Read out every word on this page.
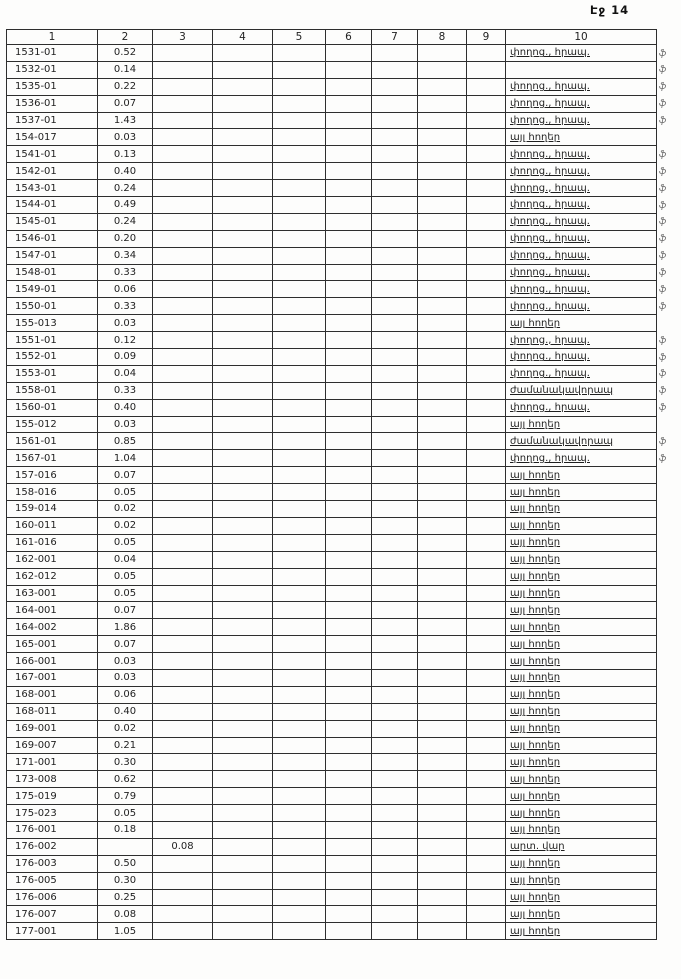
Էջ 14
1	2	3	4	5	6	7	8	9	10
1531-01	0.52								փողոց., հրապ.
1532-01	0.14								
1535-01	0.22								փողոց., հրապ.
1536-01	0.07								փողոց., հրապ.
1537-01	1.43								փողոց., հրապ.
154-017	0.03								այլ հողեր
1541-01	0.13								փողոց., հրապ.
1542-01	0.40								փողոց., հրապ.
1543-01	0.24								փողոց., հրապ.
1544-01	0.49								փողոց., հրապ.
1545-01	0.24								փողոց., հրապ.
1546-01	0.20								փողոց., հրապ.
1547-01	0.34								փողոց., հրապ.
1548-01	0.33								փողոց., հրապ.
1549-01	0.06								փողոց., հրապ.
1550-01	0.33								փողոց., հրապ.
155-013	0.03								այլ հողեր
1551-01	0.12								փողոց., հրապ.
1552-01	0.09								փողոց., հրապ.
1553-01	0.04								փողոց., հրապ.
1558-01	0.33								ժամանակավորապ
1560-01	0.40								փողոց., հրապ.
155-012	0.03								այլ հողեր
1561-01	0.85								ժամանակավորապ
1567-01	1.04								փողոց., հրապ.
157-016	0.07								այլ հողեր
158-016	0.05								այլ հողեր
159-014	0.02								այլ հողեր
160-011	0.02								այլ հողեր
161-016	0.05								այլ հողեր
162-001	0.04								այլ հողեր
162-012	0.05								այլ հողեր
163-001	0.05								այլ հողեր
164-001	0.07								այլ հողեր
164-002	1.86								այլ հողեր
165-001	0.07								այլ հողեր
166-001	0.03								այլ հողեր
167-001	0.03								այլ հողեր
168-001	0.06								այլ հողեր
168-011	0.40								այլ հողեր
169-001	0.02								այլ հողեր
169-007	0.21								այլ հողեր
171-001	0.30								այլ հողեր
173-008	0.62								այլ հողեր
175-019	0.79								այլ հողեր
175-023	0.05								այլ հողեր
176-001	0.18								այլ հողեր
176-002		0.08							արտ. վար
176-003	0.50								այլ հողեր
176-005	0.30								այլ հողեր
176-006	0.25								այլ հողեր
176-007	0.08								այլ հողեր
177-001	1.05								այլ հողեր
ֆ
ֆ
ֆ
ֆ
ֆ
ֆ
ֆ
ֆ
ֆ
ֆ
ֆ
ֆ
ֆ
ֆ
ֆ
ֆ
ֆ
ֆ
ֆ
ֆ
ֆ
ֆ
